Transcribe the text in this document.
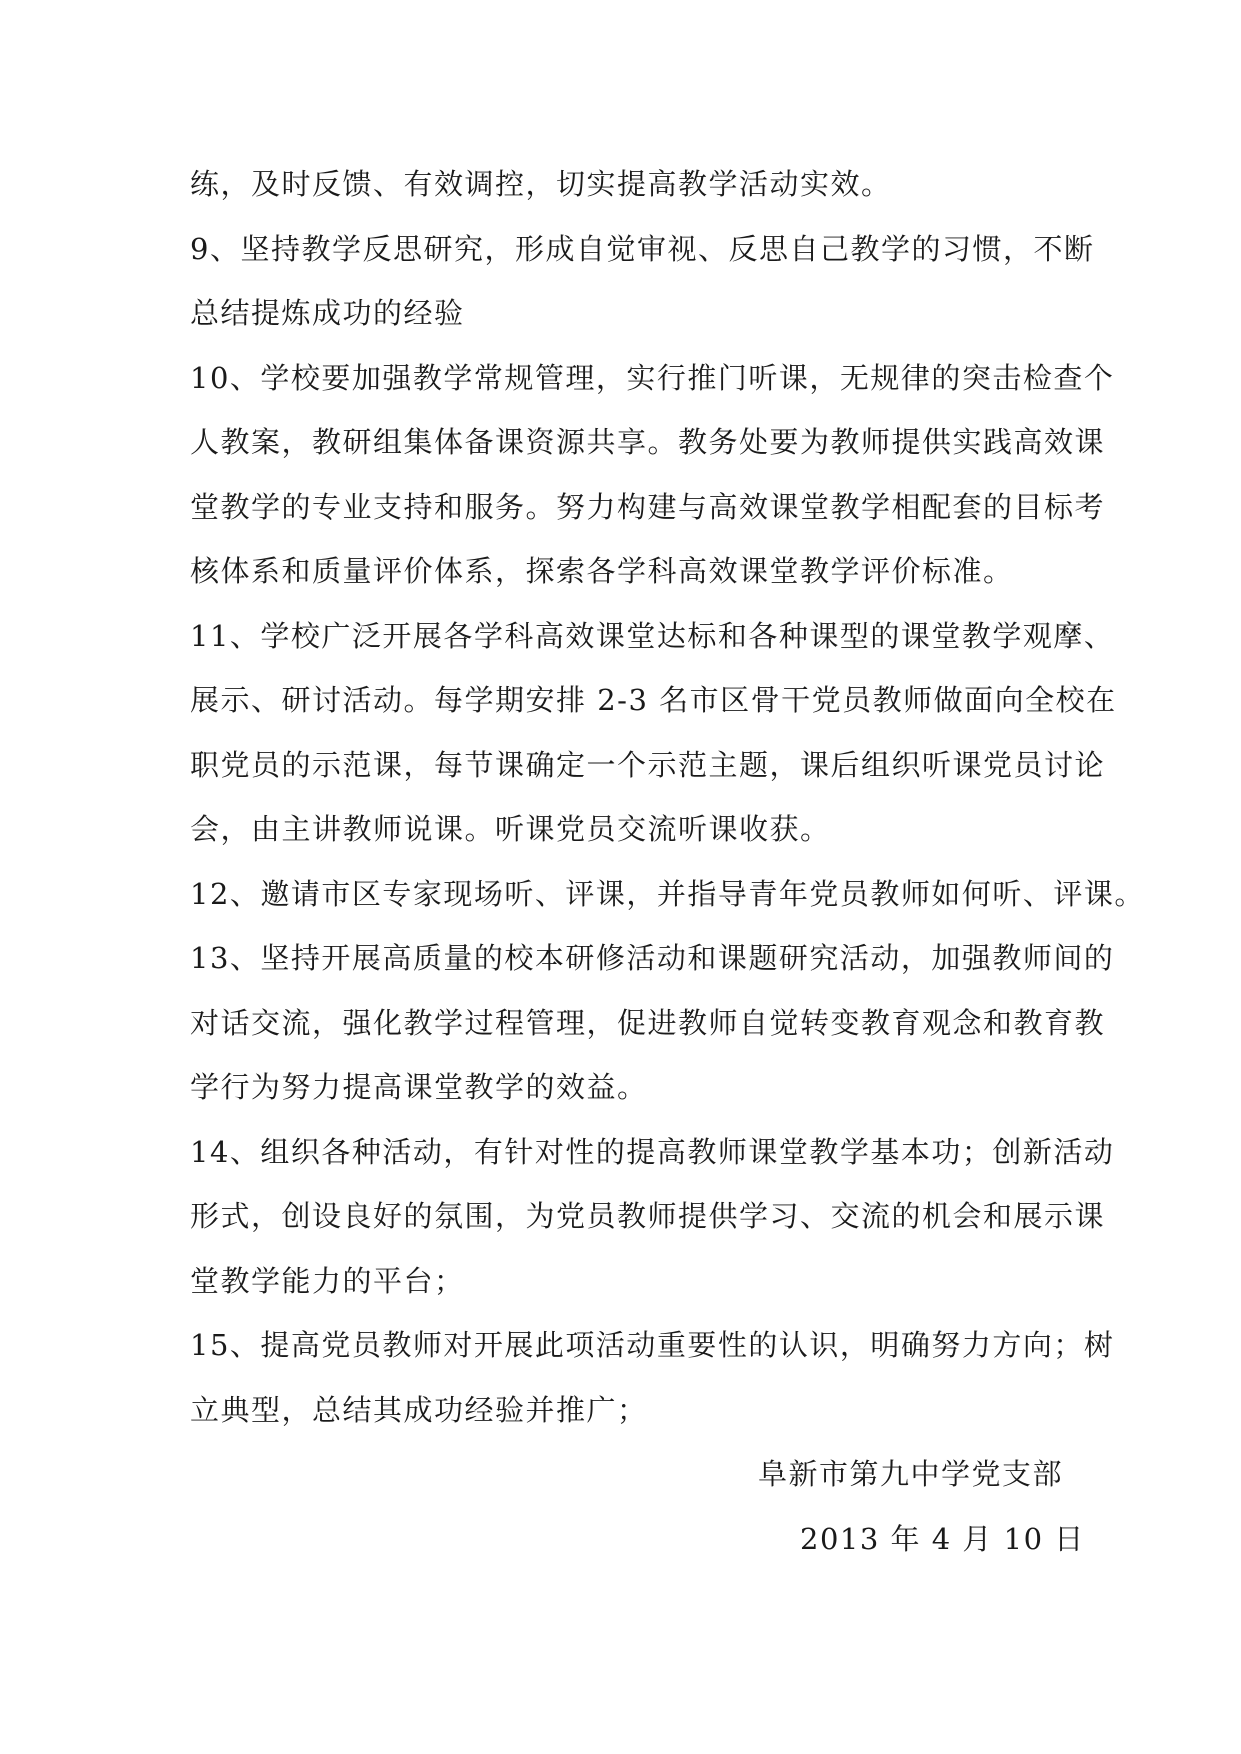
练，及时反馈、有效调控，切实提高教学活动实效。
9、坚持教学反思研究，形成自觉审视、反思自己教学的习惯，不断
总结提炼成功的经验
10、学校要加强教学常规管理，实行推门听课，无规律的突击检查个
人教案，教研组集体备课资源共享。教务处要为教师提供实践高效课
堂教学的专业支持和服务。努力构建与高效课堂教学相配套的目标考
核体系和质量评价体系，探索各学科高效课堂教学评价标准。
11、学校广泛开展各学科高效课堂达标和各种课型的课堂教学观摩、
展示、研讨活动。每学期安排 2-3 名市区骨干党员教师做面向全校在
职党员的示范课，每节课确定一个示范主题，课后组织听课党员讨论
会，由主讲教师说课。听课党员交流听课收获。
12、邀请市区专家现场听、评课，并指导青年党员教师如何听、评课。
13、坚持开展高质量的校本研修活动和课题研究活动，加强教师间的
对话交流，强化教学过程管理，促进教师自觉转变教育观念和教育教
学行为努力提高课堂教学的效益。
14、组织各种活动，有针对性的提高教师课堂教学基本功；创新活动
形式，创设良好的氛围，为党员教师提供学习、交流的机会和展示课
堂教学能力的平台；
15、提高党员教师对开展此项活动重要性的认识，明确努力方向；树
立典型，总结其成功经验并推广；
阜新市第九中学党支部
2013 年 4 月 10 日
